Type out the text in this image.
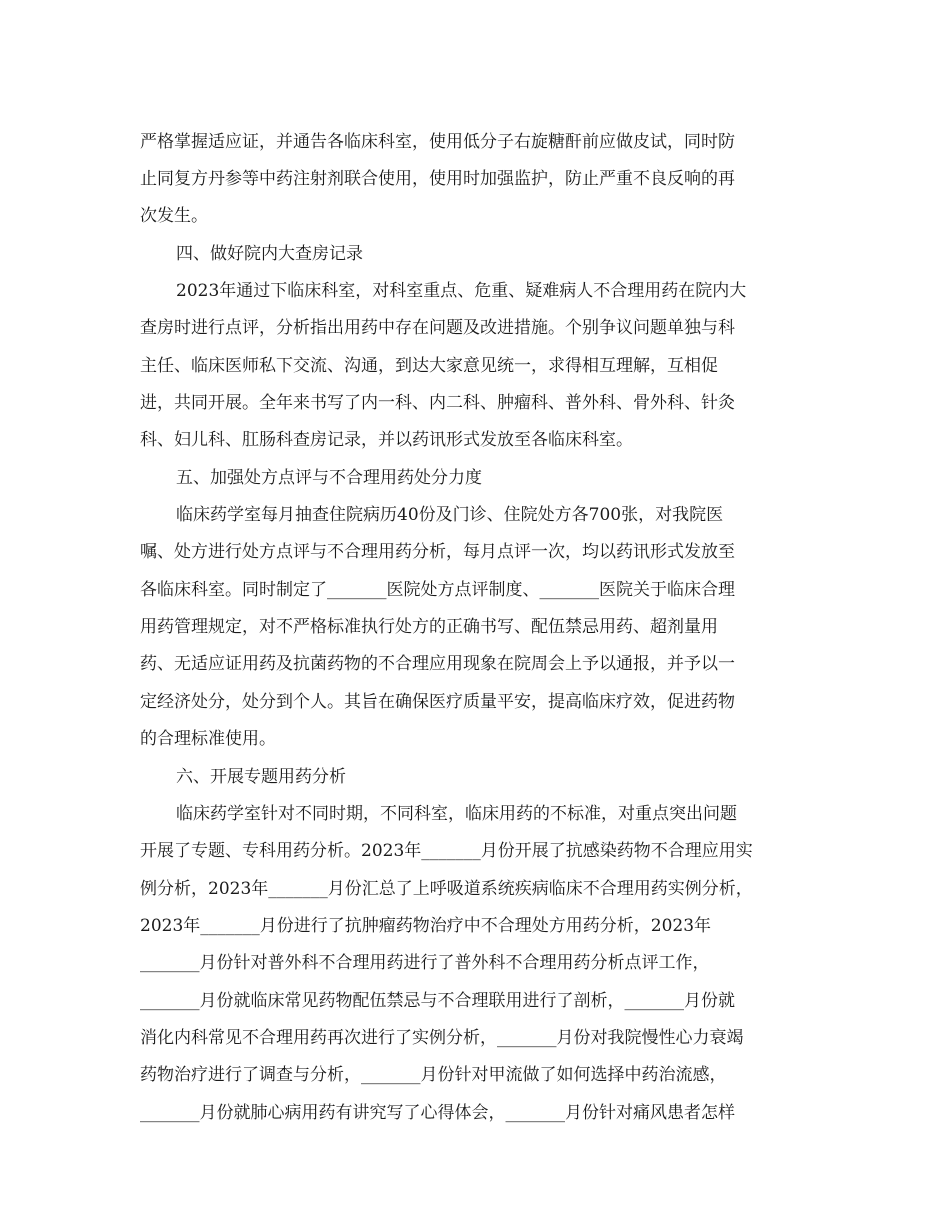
严格掌握适应证，并通告各临床科室，使用低分子右旋糖酐前应做皮试，同时防
止同复方丹参等中药注射剂联合使用，使用时加强监护，防止严重不良反响的再
次发生。
四、做好院内大查房记录
2023年通过下临床科室，对科室重点、危重、疑难病人不合理用药在院内大
查房时进行点评，分析指出用药中存在问题及改进措施。个别争议问题单独与科
主任、临床医师私下交流、沟通，到达大家意见统一，求得相互理解，互相促
进，共同开展。全年来书写了内一科、内二科、肿瘤科、普外科、骨外科、针灸
科、妇儿科、肛肠科查房记录，并以药讯形式发放至各临床科室。
五、加强处方点评与不合理用药处分力度
临床药学室每月抽查住院病历40份及门诊、住院处方各700张，对我院医
嘱、处方进行处方点评与不合理用药分析，每月点评一次，均以药讯形式发放至
各临床科室。同时制定了_______医院处方点评制度、_______医院关于临床合理
用药管理规定，对不严格标准执行处方的正确书写、配伍禁忌用药、超剂量用
药、无适应证用药及抗菌药物的不合理应用现象在院周会上予以通报，并予以一
定经济处分，处分到个人。其旨在确保医疗质量平安，提高临床疗效，促进药物
的合理标准使用。
六、开展专题用药分析
临床药学室针对不同时期，不同科室，临床用药的不标准，对重点突出问题
开展了专题、专科用药分析。2023年_______月份开展了抗感染药物不合理应用实
例分析，2023年_______月份汇总了上呼吸道系统疾病临床不合理用药实例分析，
2023年_______月份进行了抗肿瘤药物治疗中不合理处方用药分析，2023年
_______月份针对普外科不合理用药进行了普外科不合理用药分析点评工作，
_______月份就临床常见药物配伍禁忌与不合理联用进行了剖析，_______月份就
消化内科常见不合理用药再次进行了实例分析，_______月份对我院慢性心力衰竭
药物治疗进行了调查与分析，_______月份针对甲流做了如何选择中药治流感，
_______月份就肺心病用药有讲究写了心得体会，_______月份针对痛风患者怎样
